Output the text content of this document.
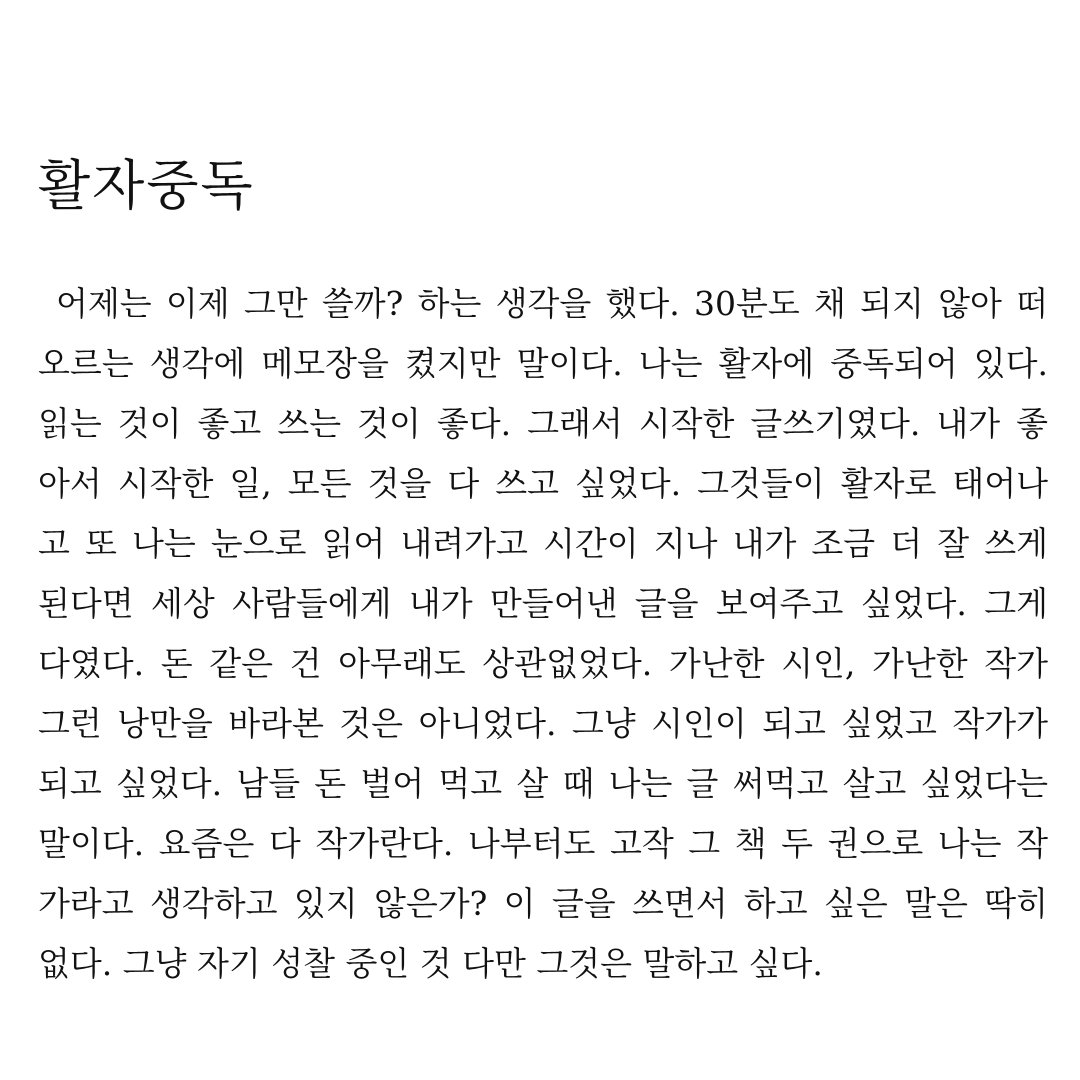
활자중독
어제는 이제 그만 쓸까? 하는 생각을 했다. 30분도 채 되지 않아 떠
오르는 생각에 메모장을 켰지만 말이다. 나는 활자에 중독되어 있다.
읽는 것이 좋고 쓰는 것이 좋다. 그래서 시작한 글쓰기였다. 내가 좋
아서 시작한 일, 모든 것을 다 쓰고 싶었다. 그것들이 활자로 태어나
고 또 나는 눈으로 읽어 내려가고 시간이 지나 내가 조금 더 잘 쓰게
된다면 세상 사람들에게 내가 만들어낸 글을 보여주고 싶었다. 그게
다였다. 돈 같은 건 아무래도 상관없었다. 가난한 시인, 가난한 작가
그런 낭만을 바라본 것은 아니었다. 그냥 시인이 되고 싶었고 작가가
되고 싶었다. 남들 돈 벌어 먹고 살 때 나는 글 써먹고 살고 싶었다는
말이다. 요즘은 다 작가란다. 나부터도 고작 그 책 두 권으로 나는 작
가라고 생각하고 있지 않은가? 이 글을 쓰면서 하고 싶은 말은 딱히
없다. 그냥 자기 성찰 중인 것 다만 그것은 말하고 싶다.
